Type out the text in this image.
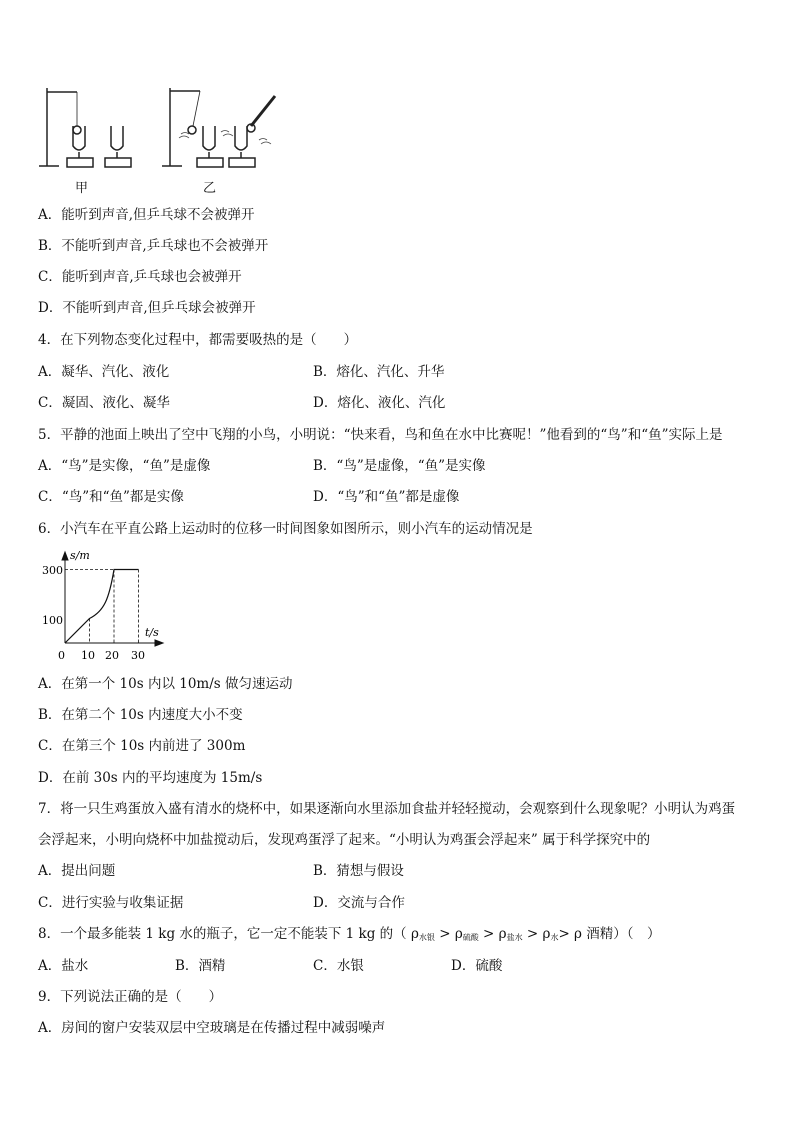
甲	乙
A．能听到声音,但乒乓球不会被弹开
B．不能听到声音,乒乓球也不会被弹开
C．能听到声音,乒乓球也会被弹开
D．不能听到声音,但乒乓球会被弹开
4．在下列物态变化过程中，都需要吸热的是（　　）
A．凝华、汽化、液化	B．熔化、汽化、升华
C．凝固、液化、凝华	D．熔化、液化、汽化
5．平静的池面上映出了空中飞翔的小鸟，小明说：“快来看，鸟和鱼在水中比赛呢！”他看到的“鸟”和“鱼”实际上是
A．“鸟”是实像，“鱼”是虚像	B．“鸟”是虚像，“鱼”是实像
C．“鸟”和“鱼”都是实像	D．“鸟”和“鱼”都是虚像
6．小汽车在平直公路上运动时的位移一时间图象如图所示，则小汽车的运动情况是
s/m
t/s
300
100
0 10 20 30
A．在第一个 10s 内以 10m/s 做匀速运动
B．在第二个 10s 内速度大小不变
C．在第三个 10s 内前进了 300m
D．在前 30s 内的平均速度为 15m/s
7．将一只生鸡蛋放入盛有清水的烧杯中，如果逐渐向水里添加食盐并轻轻搅动，会观察到什么现象呢？小明认为鸡蛋
会浮起来，小明向烧杯中加盐搅动后，发现鸡蛋浮了起来。“小明认为鸡蛋会浮起来” 属于科学探究中的
A．提出问题	B．猜想与假设
C．进行实验与收集证据	D．交流与合作
8．一个最多能装 1 kg 水的瓶子，它一定不能装下 1 kg 的（ $\rho_{水银} > \rho_{硫酸} > \rho_{盐水} > \rho_水> \rho$ 酒精）（　）
A．盐水	B．酒精	C．水银	D．硫酸
9．下列说法正确的是（　　）
A．房间的窗户安装双层中空玻璃是在传播过程中减弱噪声
